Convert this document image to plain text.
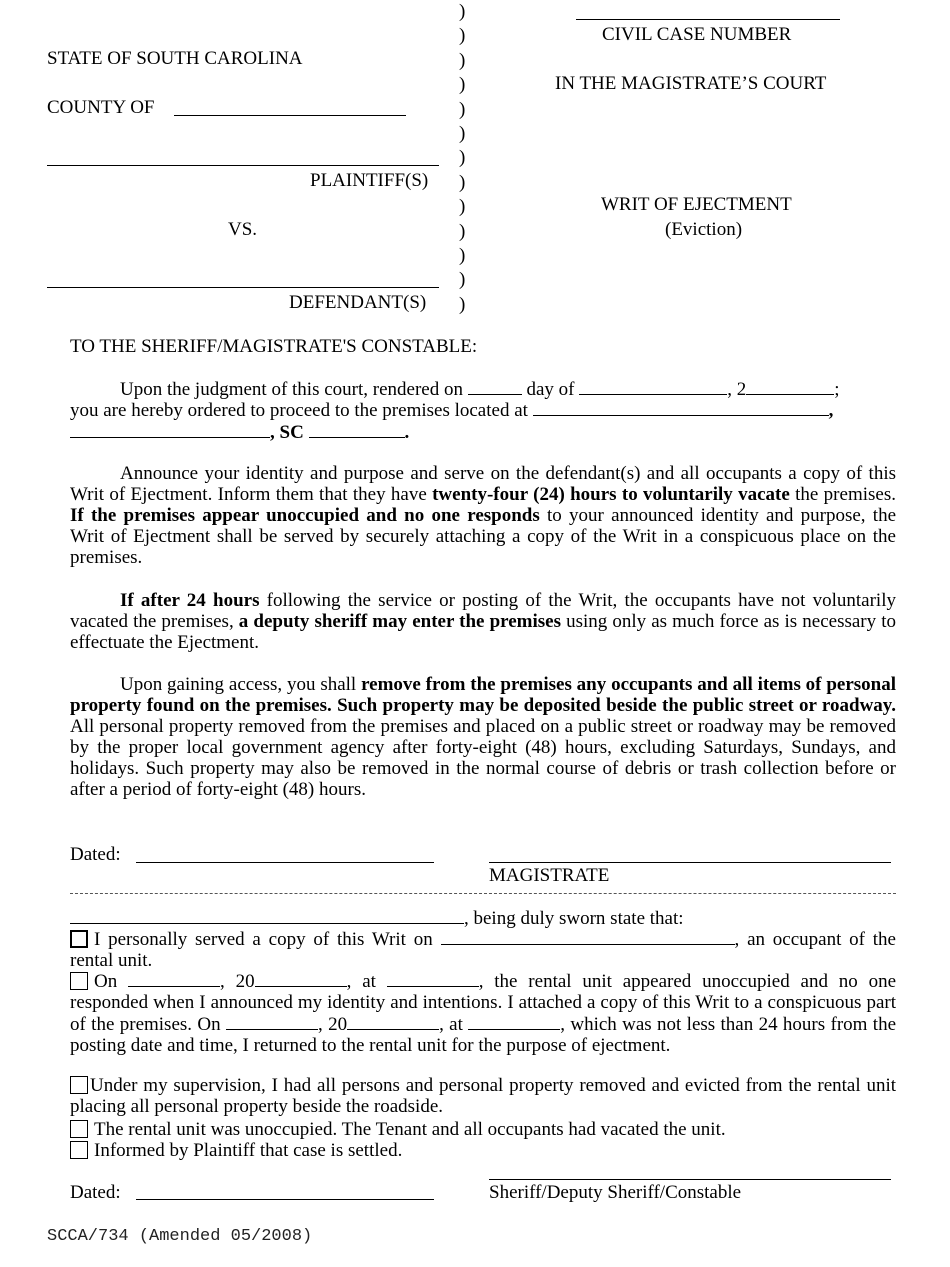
)
)
)
)
)
)
)
)
)
)
)
)
)
STATE OF SOUTH CAROLINA
COUNTY OF
PLAINTIFF(S)
VS.
DEFENDANT(S)
CIVIL CASE NUMBER
IN THE MAGISTRATE’S COURT
WRIT OF EJECTMENT
(Eviction)
TO THE SHERIFF/MAGISTRATE'S CONSTABLE:
Upon the judgment of this court, rendered on	day of	, 2	;
you are hereby ordered to proceed to the premises located at	,
, SC	.
Announce your identity and purpose and serve on the defendant(s) and all occupants a copy of this Writ of Ejectment. Inform them that they have twenty-four (24) hours to voluntarily vacate the premises. If the premises appear unoccupied and no one responds to your announced identity and purpose, the Writ of Ejectment shall be served by securely attaching a copy of the Writ in a conspicuous place on the premises.
If after 24 hours following the service or posting of the Writ, the occupants have not voluntarily vacated the premises, a deputy sheriff may enter the premises using only as much force as is necessary to effectuate the Ejectment.
Upon gaining access, you shall remove from the premises any occupants and all items of personal property found on the premises. Such property may be deposited beside the public street or roadway. All personal property removed from the premises and placed on a public street or roadway may be removed by the proper local government agency after forty-eight (48) hours, excluding Saturdays, Sundays, and holidays. Such property may also be removed in the normal course of debris or trash collection before or after a period of forty-eight (48) hours.
Dated:
MAGISTRATE
, being duly sworn state that:
I personally served a copy of this Writ on	, an occupant of the rental unit.
On	, 20	, at	, the rental unit appeared unoccupied and no one responded when I announced my identity and intentions. I attached a copy of this Writ to a conspicuous part of the premises. On	, 20	, at	, which was not less than 24 hours from the posting date and time, I returned to the rental unit for the purpose of ejectment.
Under my supervision, I had all persons and personal property removed and evicted from the rental unit placing all personal property beside the roadside.
The rental unit was unoccupied. The Tenant and all occupants had vacated the unit.
Informed by Plaintiff that case is settled.
Dated:	Sheriff/Deputy Sheriff/Constable
SCCA/734 (Amended 05/2008)
